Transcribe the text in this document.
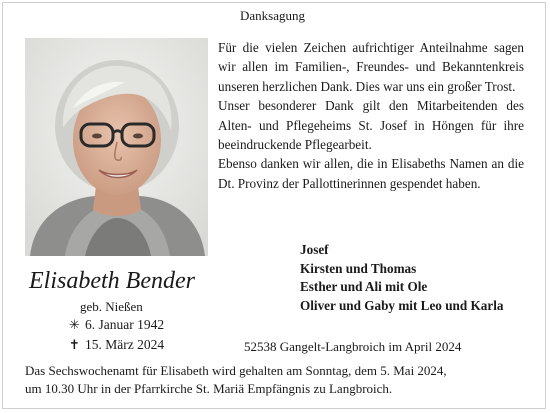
Danksagung

Für die vielen Zeichen aufrichtiger Anteilnahme sagen wir allen im Familien-, Freundes- und Bekanntenkreis unseren herzlichen Dank. Dies war uns ein großer Trost.

Unser besonderer Dank gilt den Mitarbeitenden des Alten- und Pflegeheims St. Josef in Höngen für ihre beeindruckende Pflegearbeit.

Ebenso danken wir allen, die in Elisabeths Namen an die Dt. Provinz der Pallottinerinnen gespendet haben.

Josef
Kirsten und Thomas
Esther und Ali mit Ole
Oliver und Gaby mit Leo und Karla
Elisabeth Bender
geb. Nießen
✳ 6. Januar 1942
✝ 15. März 2024	52538 Gangelt-Langbroich im April 2024
Das Sechswochenamt für Elisabeth wird gehalten am Sonntag, dem 5. Mai 2024,
um 10.30 Uhr in der Pfarrkirche St. Mariä Empfängnis zu Langbroich.
